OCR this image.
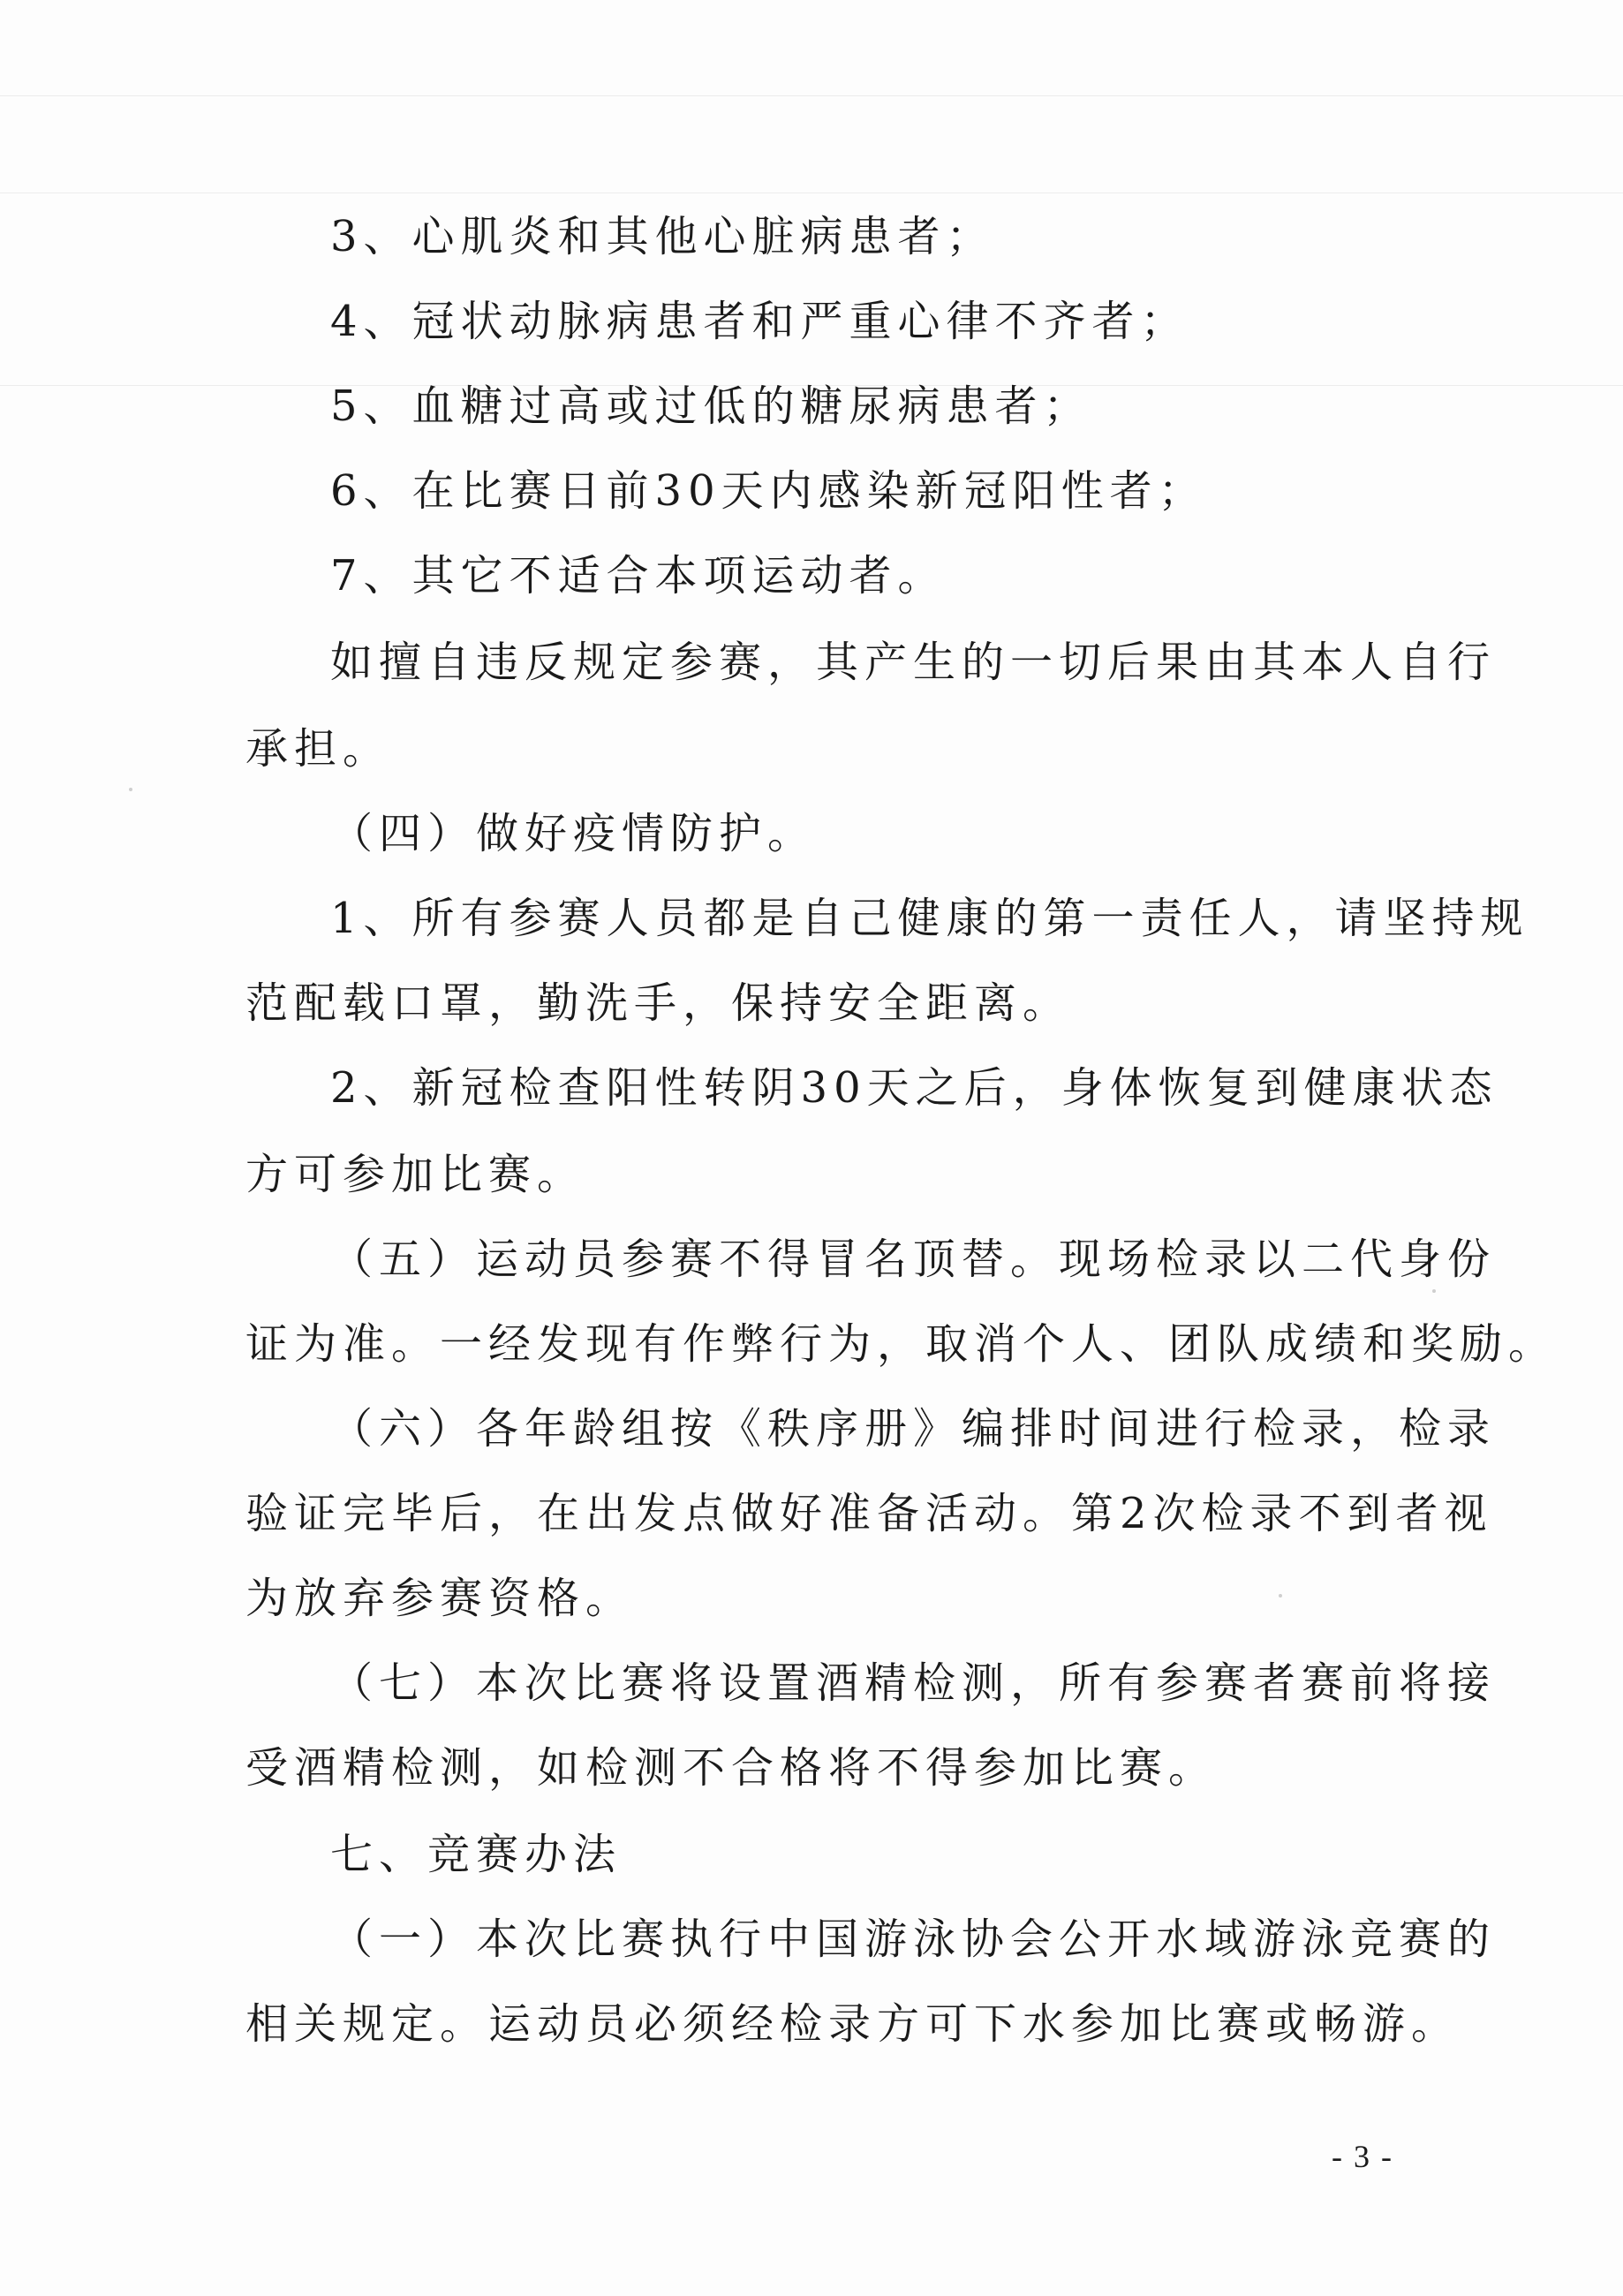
3、心肌炎和其他心脏病患者；
4、冠状动脉病患者和严重心律不齐者；
5、血糖过高或过低的糖尿病患者；
6、在比赛日前30天内感染新冠阳性者；
7、其它不适合本项运动者。
如擅自违反规定参赛，其产生的一切后果由其本人自行
承担。
（四）做好疫情防护。
1、所有参赛人员都是自己健康的第一责任人，请坚持规
范配载口罩，勤洗手，保持安全距离。
2、新冠检查阳性转阴30天之后，身体恢复到健康状态
方可参加比赛。
（五）运动员参赛不得冒名顶替。现场检录以二代身份
证为准。一经发现有作弊行为，取消个人、团队成绩和奖励。
（六）各年龄组按《秩序册》编排时间进行检录，检录
验证完毕后，在出发点做好准备活动。第2次检录不到者视
为放弃参赛资格。
（七）本次比赛将设置酒精检测，所有参赛者赛前将接
受酒精检测，如检测不合格将不得参加比赛。
七、竞赛办法
（一）本次比赛执行中国游泳协会公开水域游泳竞赛的
相关规定。运动员必须经检录方可下水参加比赛或畅游。
- 3 -
